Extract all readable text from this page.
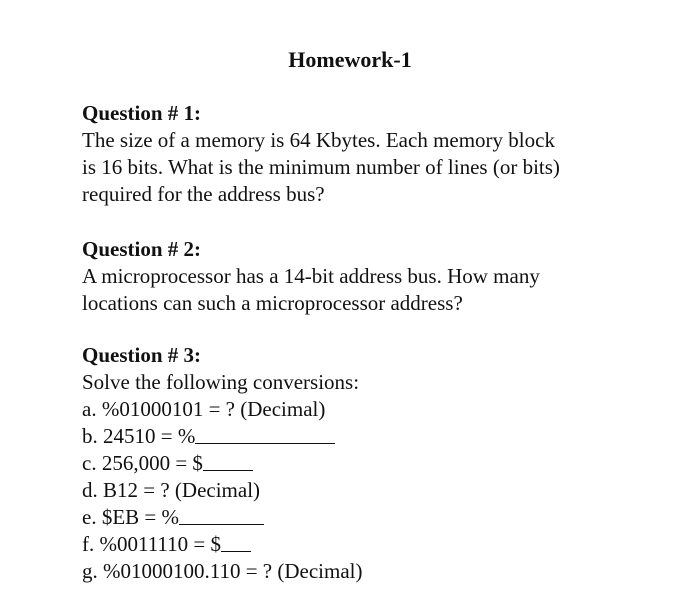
Homework-1

Question # 1:

The size of a memory is 64 Kbytes. Each memory block
is 16 bits. What is the minimum number of lines (or bits)
required for the address bus?

Question # 2:

A microprocessor has a 14-bit address bus. How many
locations can such a microprocessor address?

Question # 3:

Solve the following conversions:

a. %01000101 = ? (Decimal)
b. 24510 = %
c. 256,000 = $
d. B12 = ? (Decimal)
e. $EB = %
f. %0011110 = $
g. %01000100.110 = ? (Decimal)
